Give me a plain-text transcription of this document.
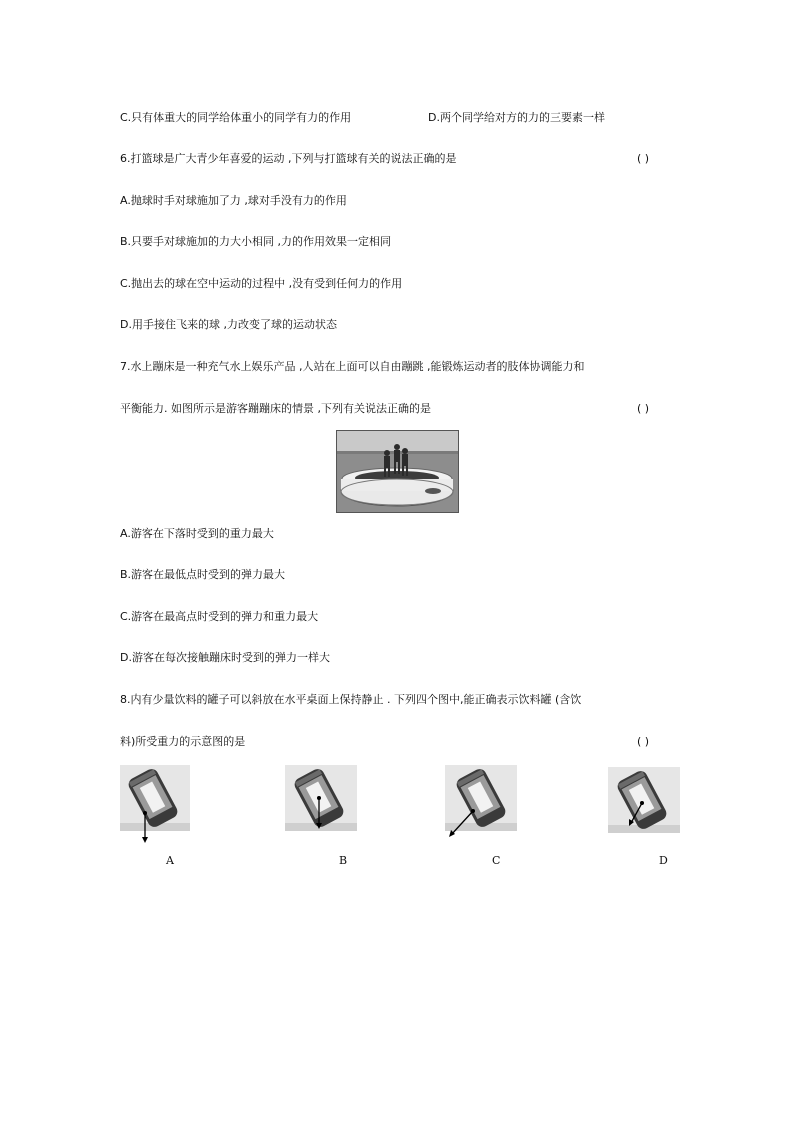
C.只有体重大的同学给体重小的同学有力的作用	D.两个同学给对方的力的三要素一样
6.打篮球是广大青少年喜爱的运动 ,下列与打篮球有关的说法正确的是	( )
A.抛球时手对球施加了力 ,球对手没有力的作用
B.只要手对球施加的力大小相同 ,力的作用效果一定相同
C.抛出去的球在空中运动的过程中 ,没有受到任何力的作用
D.用手接住飞来的球 ,力改变了球的运动状态
7.水上蹦床是一种充气水上娱乐产品 ,人站在上面可以自由蹦跳 ,能锻炼运动者的肢体协调能力和
平衡能力. 如图所示是游客蹦蹦床的情景 ,下列有关说法正确的是	( )
A.游客在下落时受到的重力最大
B.游客在最低点时受到的弹力最大
C.游客在最高点时受到的弹力和重力最大
D.游客在每次接触蹦床时受到的弹力一样大
8.内有少量饮料的罐子可以斜放在水平桌面上保持静止 . 下列四个图中,能正确表示饮料罐 (含饮
料)所受重力的示意图的是	( )
A	B	C	D
